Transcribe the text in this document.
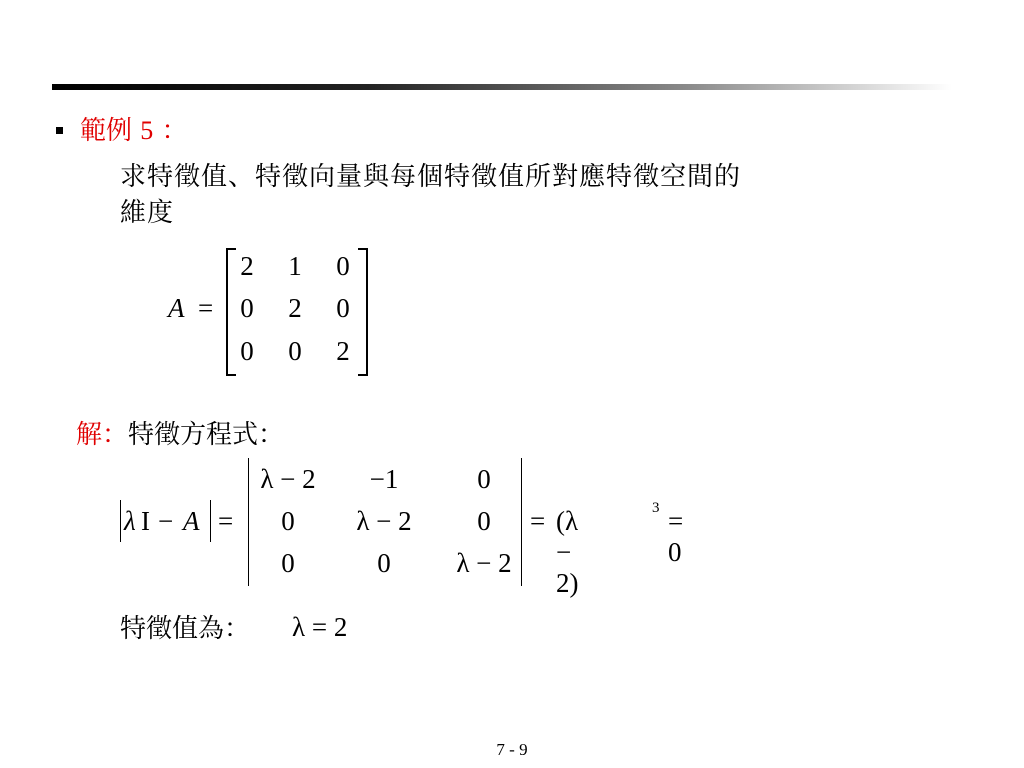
範例 5 ：
求特徵值、特徵向量與每個特徵值所對應特徵空間的
維度
A =
2	1	0
0	2	0
0	0	2
解：特徵方程式：
λ I − A =
λ − 2	−1	0
0	λ − 2	0
0	0	λ − 2
= (λ − 2)
3 = 0
特徵值為： λ = 2
7 - 9
